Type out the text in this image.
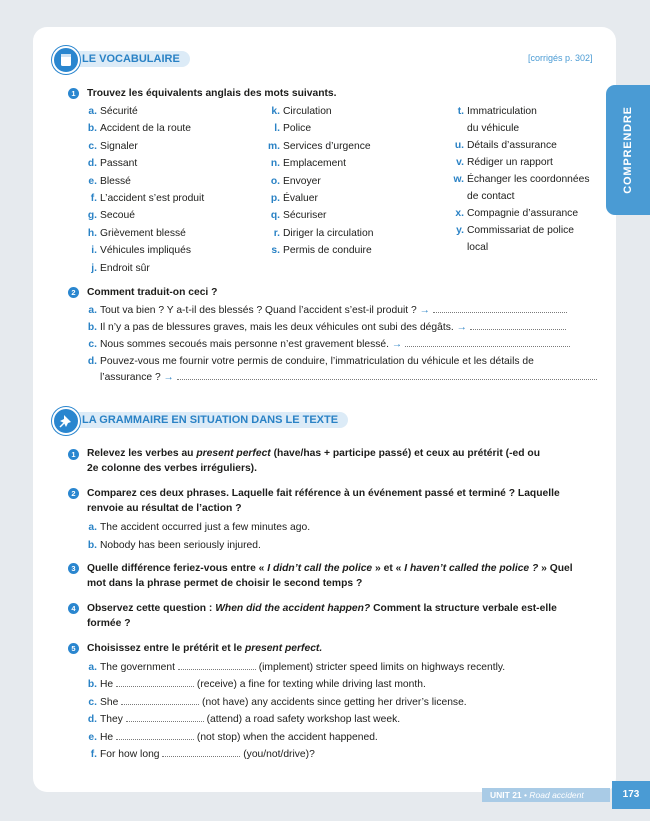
COMPRENDRE
LE VOCABULAIRE	[corrigés p. 302]
1	Trouvez les équivalents anglais des mots suivants.
a. Sécurité
b. Accident de la route
c. Signaler
d. Passant
e. Blessé
f. L’accident s’est produit
g. Secoué
h. Grièvement blessé
i. Véhicules impliqués
j. Endroit sûr
k. Circulation
l. Police
m. Services d’urgence
n. Emplacement
o. Envoyer
p. Évaluer
q. Sécuriser
r. Diriger la circulation
s. Permis de conduire
t. Immatriculation
du véhicule
u. Détails d’assurance
v. Rédiger un rapport
w. Échanger les coordonnées
de contact
x. Compagnie d’assurance
y. Commissariat de police
local
2	Comment traduit-on ceci ?
a. Tout va bien ? Y a-t-il des blessés ? Quand l’accident s’est-il produit ? →
b. Il n’y a pas de blessures graves, mais les deux véhicules ont subi des dégâts. →
c. Nous sommes secoués mais personne n’est gravement blessé. →
d. Pouvez-vous me fournir votre permis de conduire, l’immatriculation du véhicule et les détails de
l’assurance ? →
LA GRAMMAIRE EN SITUATION DANS LE TEXTE
1	Relevez les verbes au present perfect (have/has + participe passé) et ceux au prétérit (-ed ou
2e colonne des verbes irréguliers).
2	Comparez ces deux phrases. Laquelle fait référence à un événement passé et terminé ? Laquelle
renvoie au résultat de l’action ?
a. The accident occurred just a few minutes ago.
b. Nobody has been seriously injured.
3	Quelle différence feriez-vous entre « I didn’t call the police » et « I haven’t called the police ? » Quel
mot dans la phrase permet de choisir le second temps ?
4	Observez cette question : When did the accident happen? Comment la structure verbale est-elle
formée ?
5	Choisissez entre le prétérit et le present perfect.
a. The government	(implement) stricter speed limits on highways recently.
b. He	(receive) a fine for texting while driving last month.
c. She	(not have) any accidents since getting her driver’s license.
d. They	(attend) a road safety workshop last week.
e. He	(not stop) when the accident happened.
f. For how long	(you/not/drive)?
UNIT 21 • Road accident	173
